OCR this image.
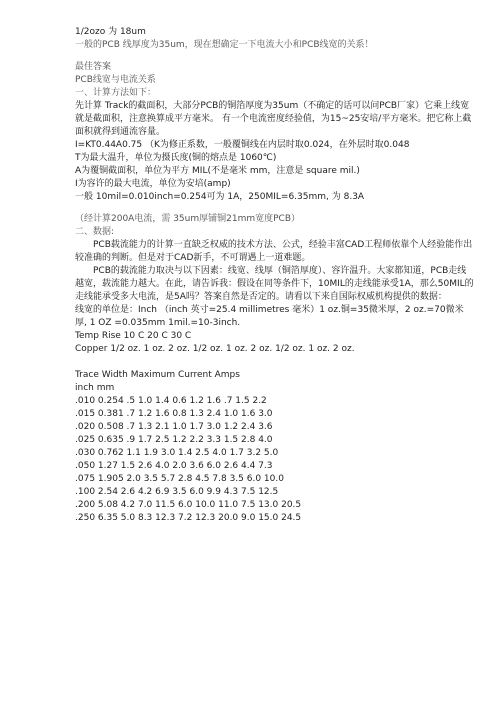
1/2ozo 为 18um
一般的PCB 线厚度为35um，现在想确定一下电流大小和PCB线宽的关系！
最佳答案
PCB线宽与电流关系
一、计算方法如下：
先计算 Track的截面积，大部分PCB的铜箔厚度为35um（不确定的话可以问PCB厂家）它乘上线宽就是截面积，注意换算成平方毫米。 有一个电流密度经验值，为15~25安培/平方毫米。把它称上截面积就得到通流容量。
I=KT0.44A0.75 （K为修正系数，一般覆铜线在内层时取0.024，在外层时取0.048
T为最大温升，单位为摄氏度(铜的熔点是 1060℃)
A为覆铜截面积，单位为平方 MIL(不是毫米 mm，注意是 square mil.)
I为容许的最大电流，单位为安培(amp)
一般 10mil=0.010inch=0.254可为 1A，250MIL=6.35mm, 为 8.3A
（经计算200A电流，需 35um厚铺铜21mm宽度PCB）
二、数据:
PCB载流能力的计算一直缺乏权威的技术方法、公式，经验丰富CAD工程师依靠个人经验能作出较准确的判断。但是对于CAD新手，不可谓遇上一道难题。
PCB的载流能力取决与以下因素：线宽、线厚（铜箔厚度）、容许温升。大家都知道，PCB走线越宽，载流能力越大。在此，请告诉我：假设在同等条件下，10MIL的走线能承受1A，那么50MIL的走线能承受多大电流，是5A吗？答案自然是否定的。请看以下来自国际权威机构提供的数据：
线宽的单位是：Inch （inch 英寸=25.4 millimetres 毫米）1 oz.铜=35微米厚，2 oz.=70微米厚, 1 OZ =0.035mm 1mil.=10-3inch.
Temp Rise 10 C 20 C 30 C
Copper 1/2 oz. 1 oz. 2 oz. 1/2 oz. 1 oz. 2 oz. 1/2 oz. 1 oz. 2 oz.
Trace Width Maximum Current Amps
inch mm
.010 0.254 .5 1.0 1.4 0.6 1.2 1.6 .7 1.5 2.2
.015 0.381 .7 1.2 1.6 0.8 1.3 2.4 1.0 1.6 3.0
.020 0.508 .7 1.3 2.1 1.0 1.7 3.0 1.2 2.4 3.6
.025 0.635 .9 1.7 2.5 1.2 2.2 3.3 1.5 2.8 4.0
.030 0.762 1.1 1.9 3.0 1.4 2.5 4.0 1.7 3.2 5.0
.050 1.27 1.5 2.6 4.0 2.0 3.6 6.0 2.6 4.4 7.3
.075 1.905 2.0 3.5 5.7 2.8 4.5 7.8 3.5 6.0 10.0
.100 2.54 2.6 4.2 6.9 3.5 6.0 9.9 4.3 7.5 12.5
.200 5.08 4.2 7.0 11.5 6.0 10.0 11.0 7.5 13.0 20.5
.250 6.35 5.0 8.3 12.3 7.2 12.3 20.0 9.0 15.0 24.5
